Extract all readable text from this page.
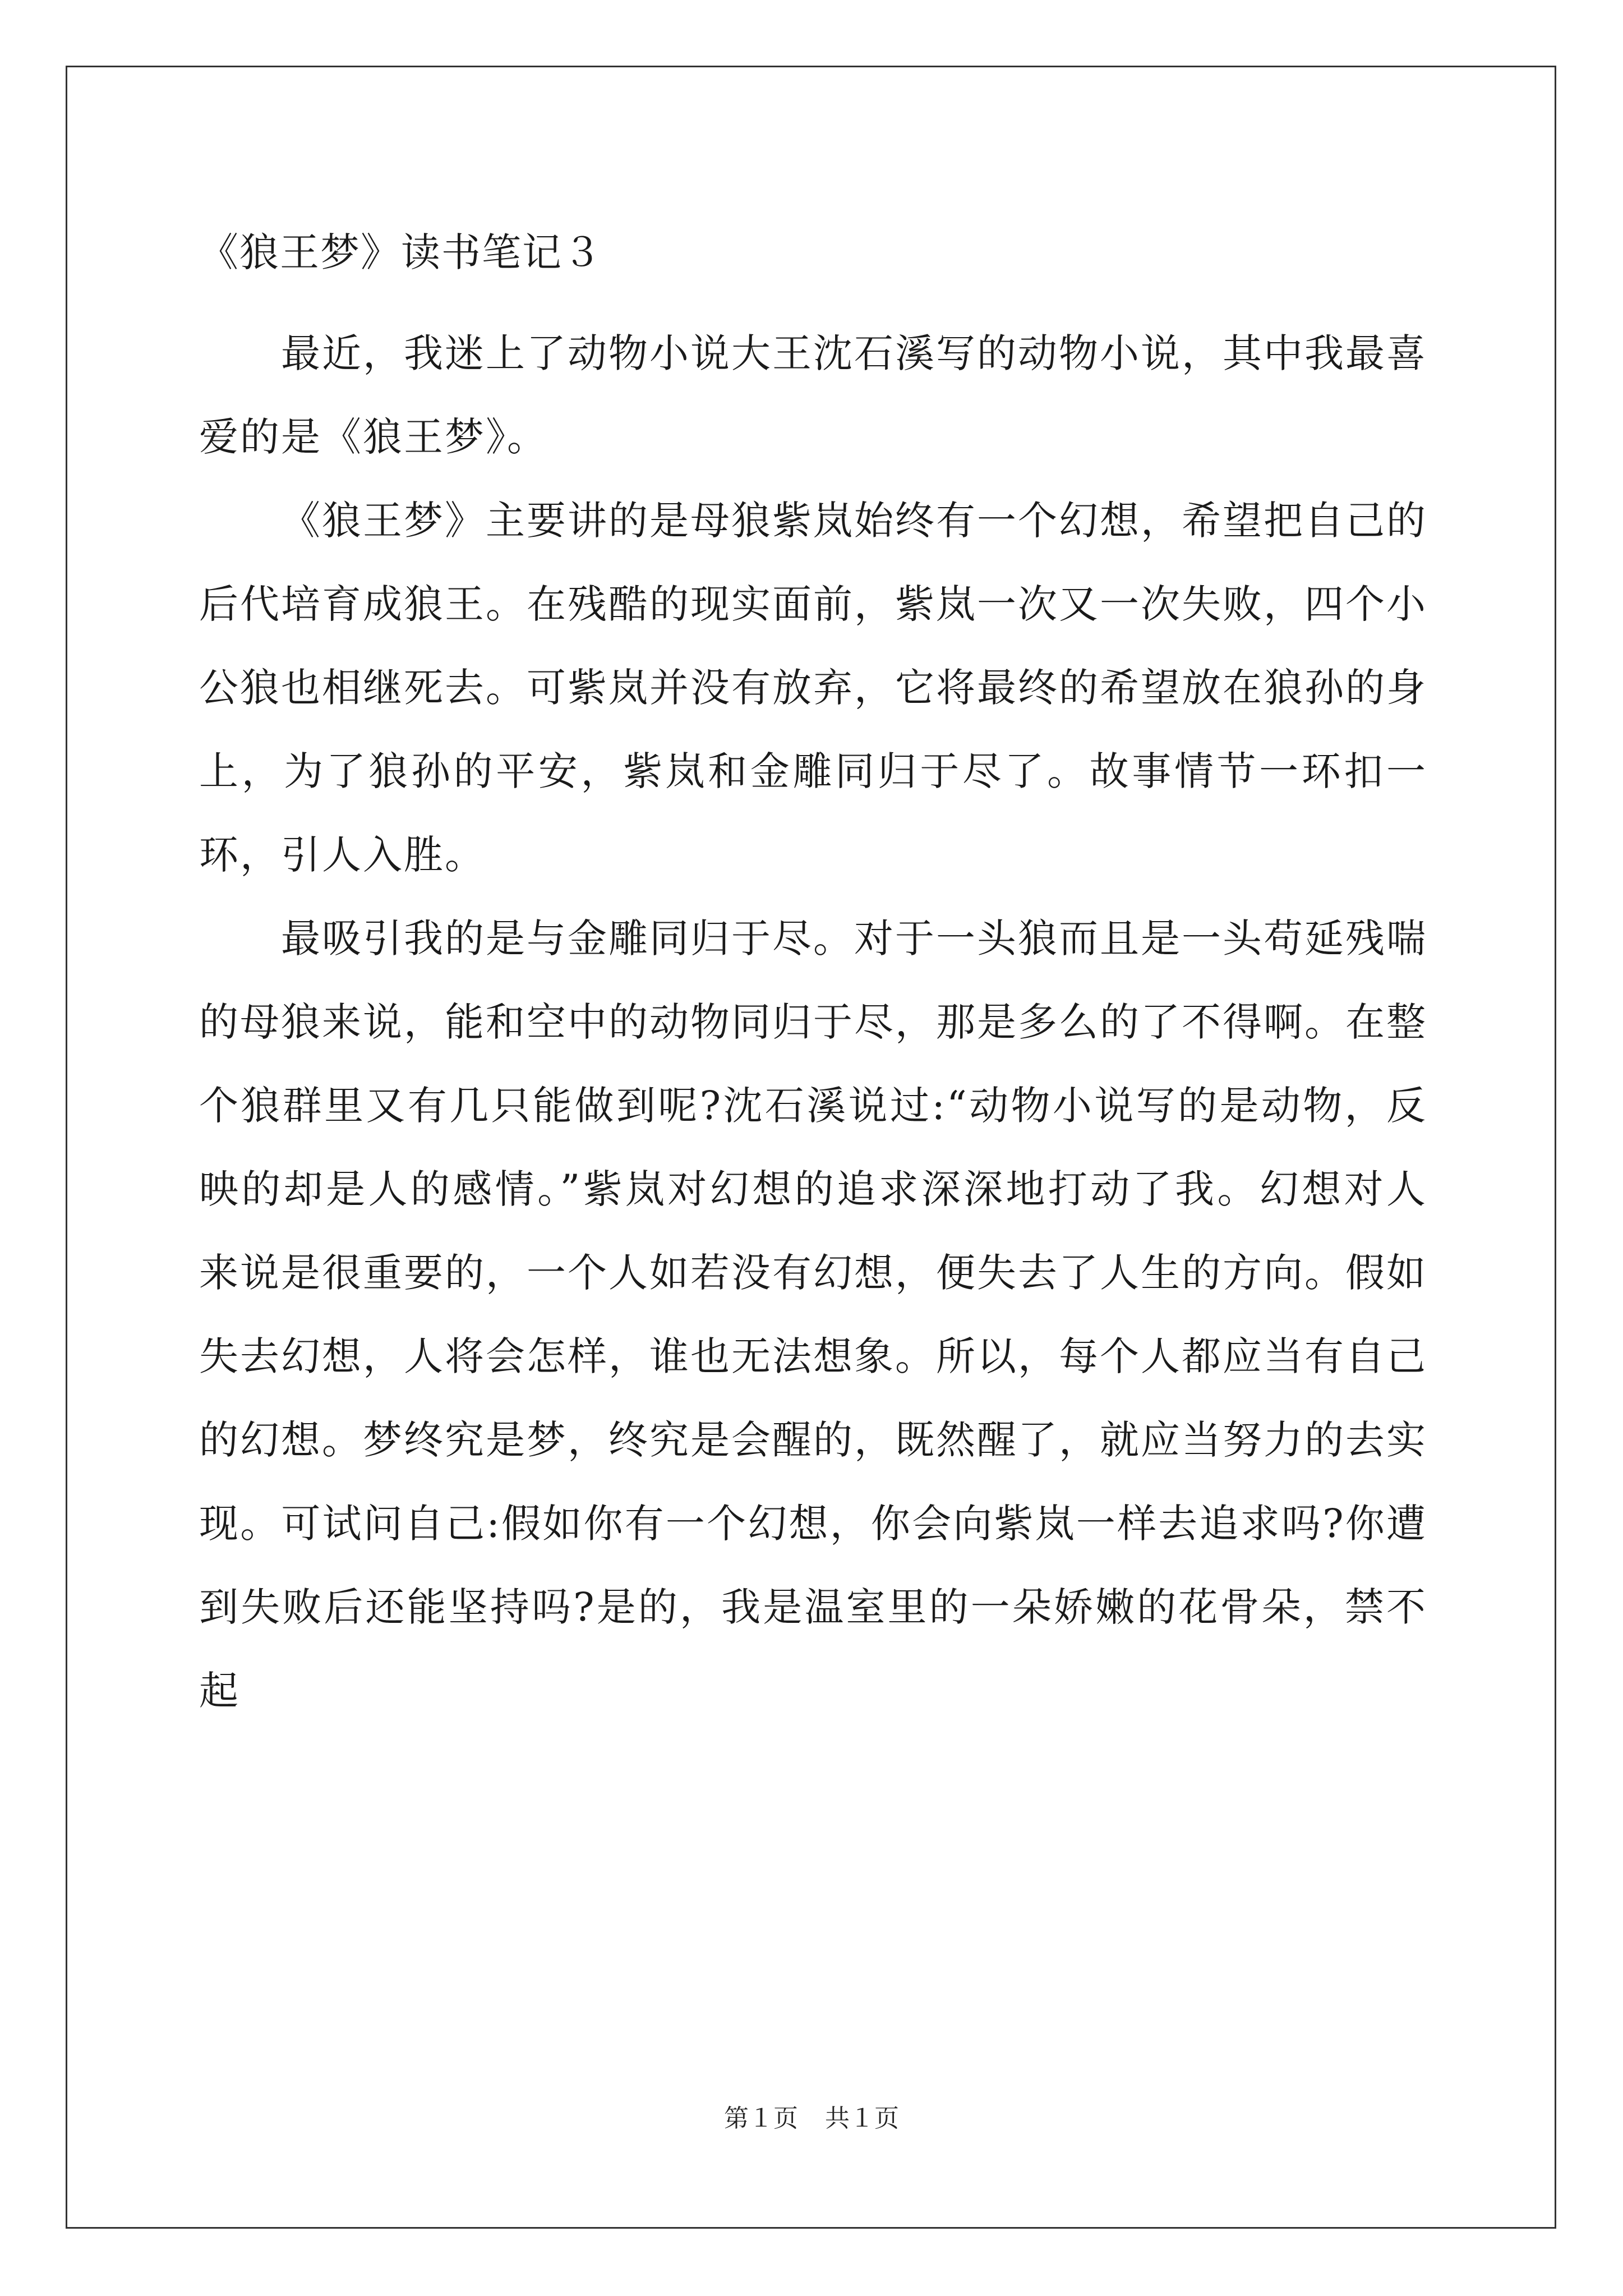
《狼王梦》读书笔记３

最近，我迷上了动物小说大王沈石溪写的动物小说，其中我最喜爱的是《狼王梦》。

《狼王梦》主要讲的是母狼紫岚始终有一个幻想，希望把自己的后代培育成狼王。在残酷的现实面前，紫岚一次又一次失败，四个小公狼也相继死去。可紫岚并没有放弃，它将最终的希望放在狼孙的身上，为了狼孙的平安，紫岚和金雕同归于尽了。故事情节一环扣一环，引人入胜。

最吸引我的是与金雕同归于尽。对于一头狼而且是一头苟延残喘的母狼来说，能和空中的动物同归于尽，那是多么的了不得啊。在整个狼群里又有几只能做到呢?沈石溪说过:“动物小说写的是动物，反映的却是人的感情。”紫岚对幻想的追求深深地打动了我。幻想对人来说是很重要的，一个人如若没有幻想，便失去了人生的方向。假如失去幻想，人将会怎样，谁也无法想象。所以，每个人都应当有自己的幻想。梦终究是梦，终究是会醒的，既然醒了，就应当努力的去实现。可试问自己:假如你有一个幻想，你会向紫岚一样去追求吗?你遭到失败后还能坚持吗?是的，我是温室里的一朵娇嫩的花骨朵，禁不起

第１页 共１页
